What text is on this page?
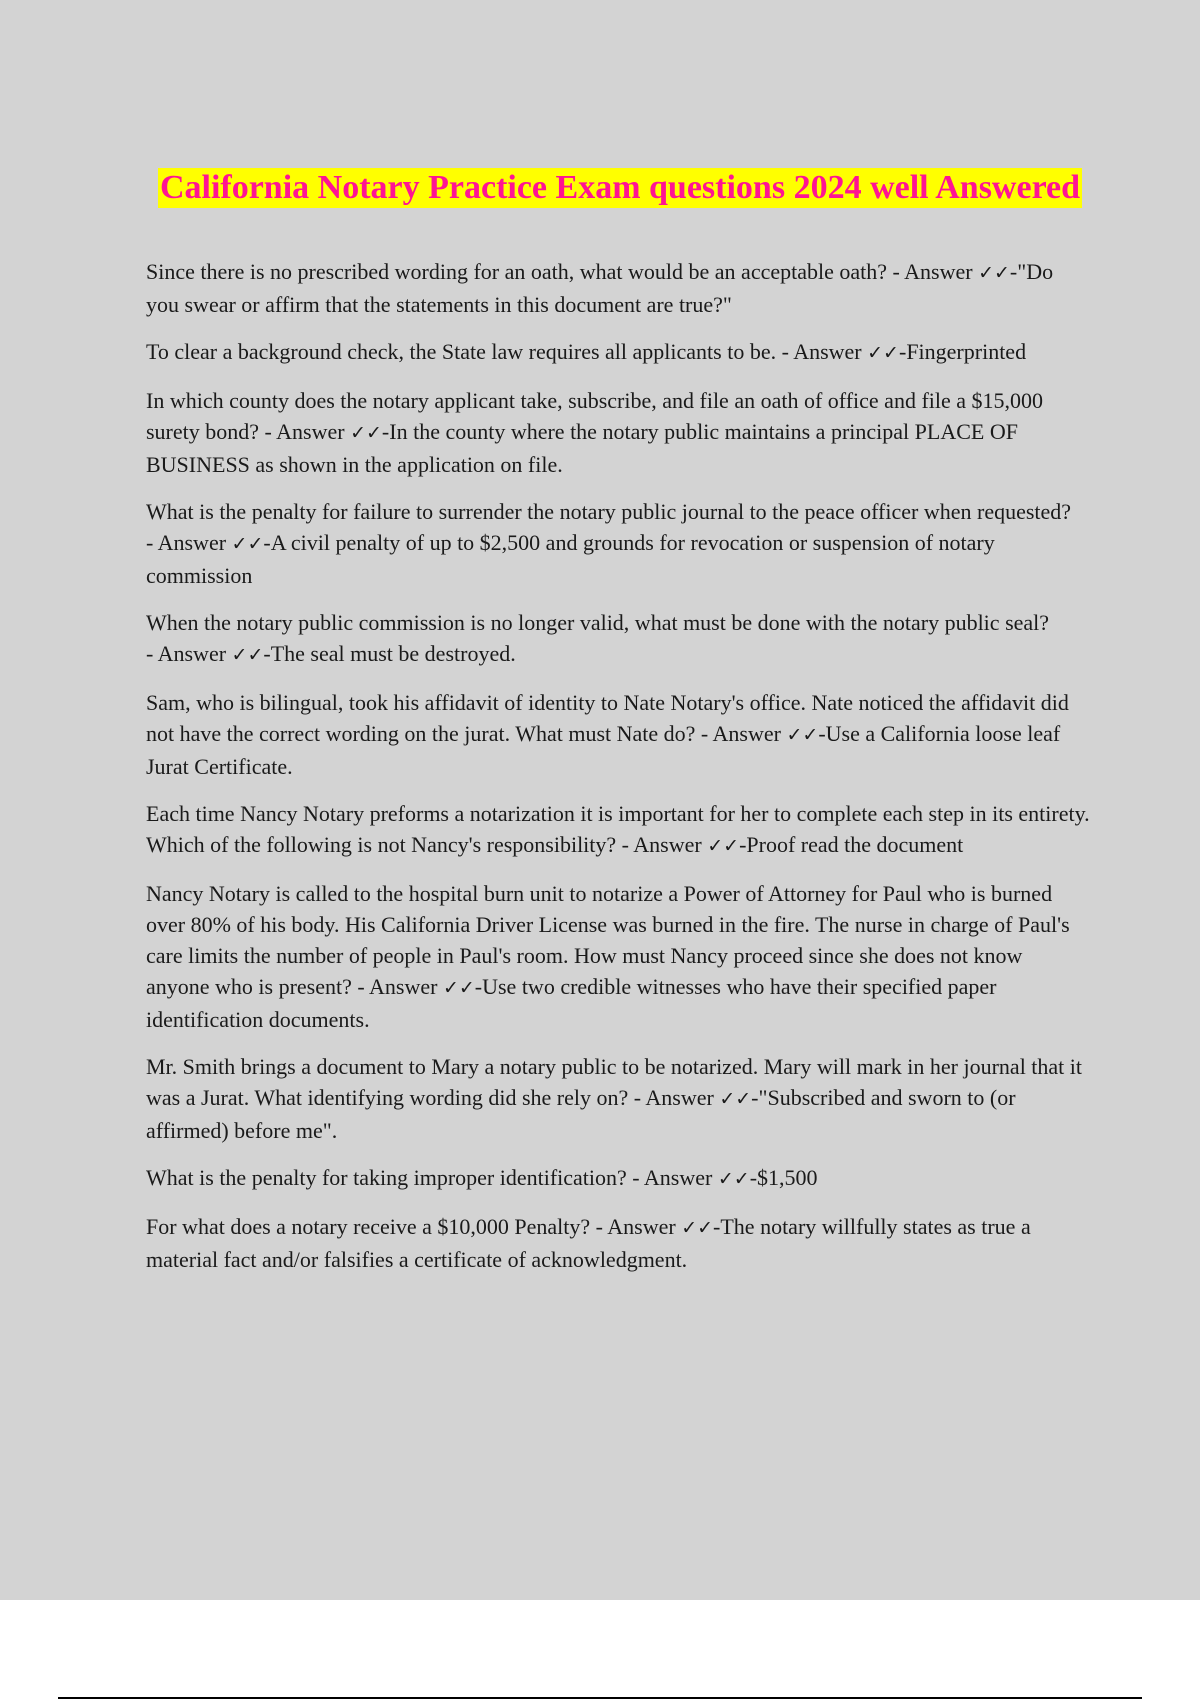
California Notary Practice Exam questions 2024 well Answered

Since there is no prescribed wording for an oath, what would be an acceptable oath? - Answer ✓✓-"Do you swear or affirm that the statements in this document are true?"

To clear a background check, the State law requires all applicants to be. - Answer ✓✓-Fingerprinted

In which county does the notary applicant take, subscribe, and file an oath of office and file a $15,000 surety bond? - Answer ✓✓-In the county where the notary public maintains a principal PLACE OF BUSINESS as shown in the application on file.

What is the penalty for failure to surrender the notary public journal to the peace officer when requested? - Answer ✓✓-A civil penalty of up to $2,500 and grounds for revocation or suspension of notary commission

When the notary public commission is no longer valid, what must be done with the notary public seal? - Answer ✓✓-The seal must be destroyed.

Sam, who is bilingual, took his affidavit of identity to Nate Notary's office. Nate noticed the affidavit did not have the correct wording on the jurat. What must Nate do? - Answer ✓✓-Use a California loose leaf Jurat Certificate.

Each time Nancy Notary preforms a notarization it is important for her to complete each step in its entirety. Which of the following is not Nancy's responsibility? - Answer ✓✓-Proof read the document

Nancy Notary is called to the hospital burn unit to notarize a Power of Attorney for Paul who is burned over 80% of his body. His California Driver License was burned in the fire. The nurse in charge of Paul's care limits the number of people in Paul's room. How must Nancy proceed since she does not know anyone who is present? - Answer ✓✓-Use two credible witnesses who have their specified paper identification documents.

Mr. Smith brings a document to Mary a notary public to be notarized. Mary will mark in her journal that it was a Jurat. What identifying wording did she rely on? - Answer ✓✓-"Subscribed and sworn to (or affirmed) before me".

What is the penalty for taking improper identification? - Answer ✓✓-$1,500

For what does a notary receive a $10,000 Penalty? - Answer ✓✓-The notary willfully states as true a material fact and/or falsifies a certificate of acknowledgment.
